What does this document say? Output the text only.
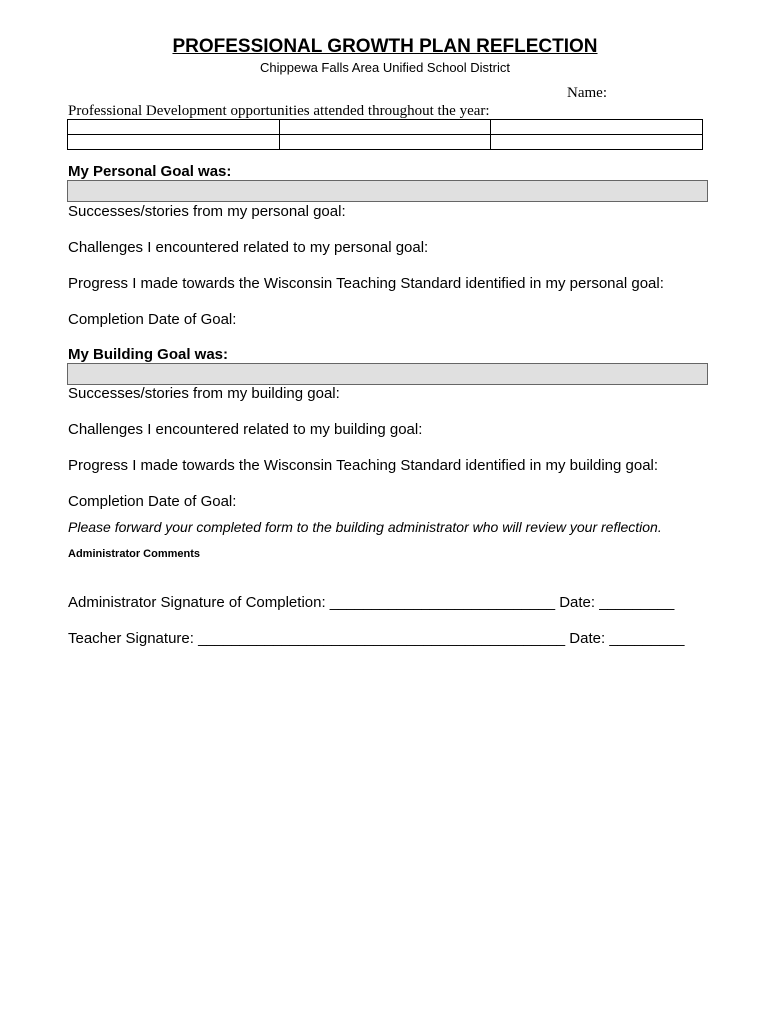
PROFESSIONAL GROWTH PLAN REFLECTION
Chippewa Falls Area Unified School District
Name:
Professional Development opportunities attended throughout the year:

My Personal Goal was:
Successes/stories from my personal goal:
Challenges I encountered related to my personal goal:
Progress I made towards the Wisconsin Teaching Standard identified in my personal goal:
Completion Date of Goal:
My Building Goal was:
Successes/stories from my building goal:
Challenges I encountered related to my building goal:
Progress I made towards the Wisconsin Teaching Standard identified in my building goal:
Completion Date of Goal:
Please forward your completed form to the building administrator who will review your reflection.
Administrator Comments
Administrator Signature of Completion: ___________________________ Date: _________
Teacher Signature: ____________________________________________ Date: _________
